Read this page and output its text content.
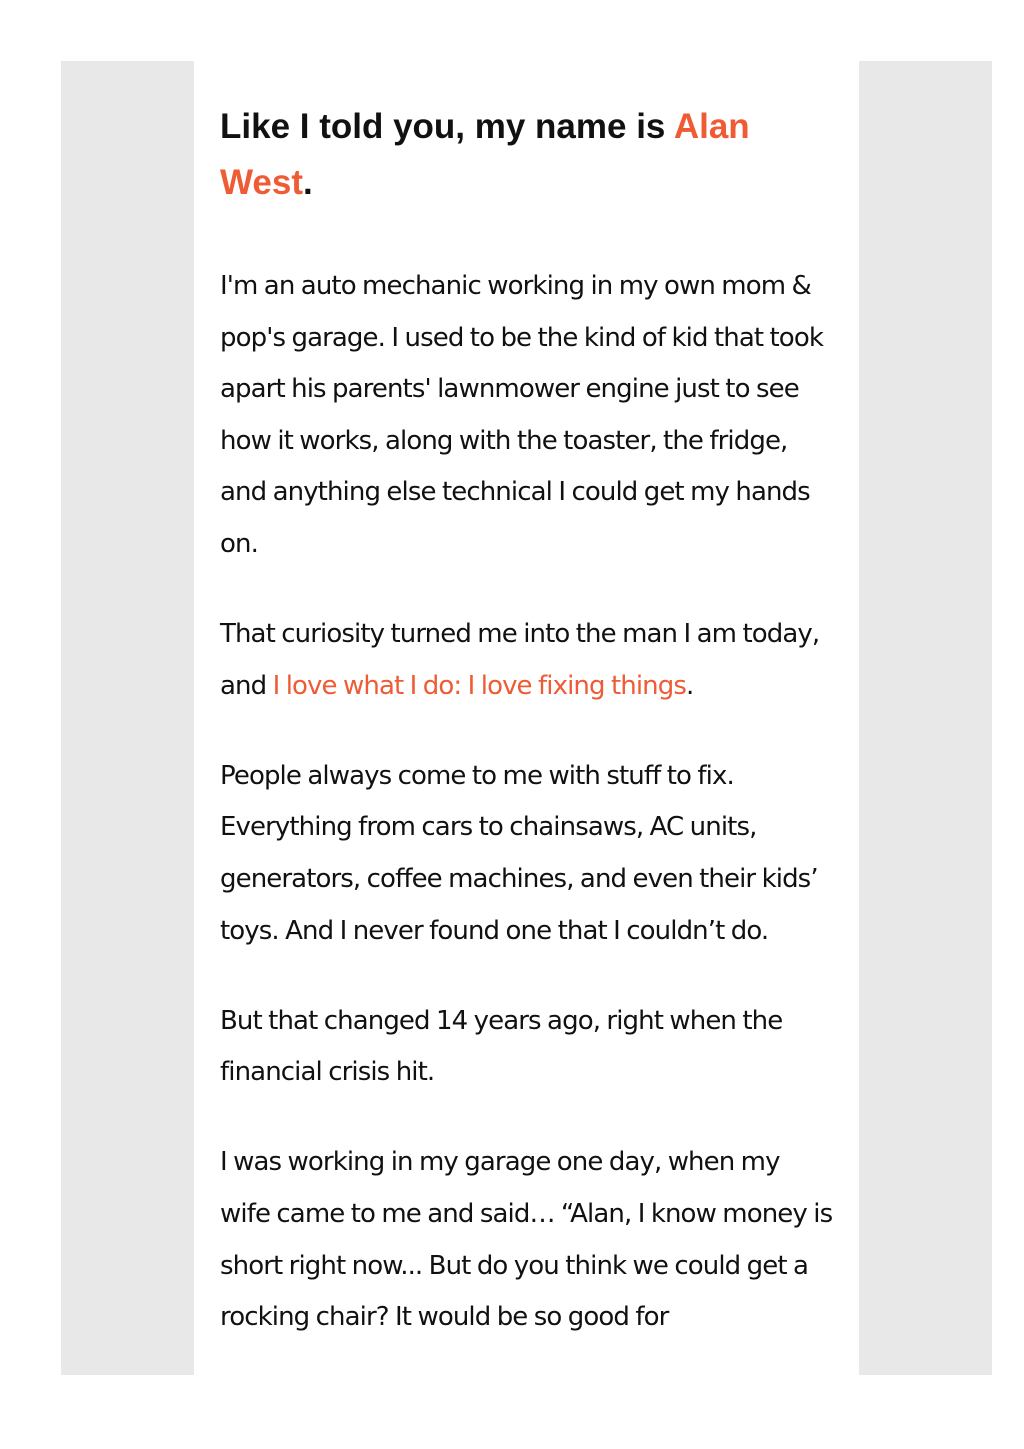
Like I told you, my name is Alan West.

I'm an auto mechanic working in my own mom & pop's garage. I used to be the kind of kid that took apart his parents' lawnmower engine just to see how it works, along with the toaster, the fridge, and anything else technical I could get my hands on.

That curiosity turned me into the man I am today, and I love what I do: I love fixing things.

People always come to me with stuff to fix. Everything from cars to chainsaws, AC units, generators, coffee machines, and even their kids’ toys. And I never found one that I couldn’t do.

But that changed 14 years ago, right when the financial crisis hit.

I was working in my garage one day, when my wife came to me and said… “Alan, I know money is short right now... But do you think we could get a rocking chair? It would be so good for
